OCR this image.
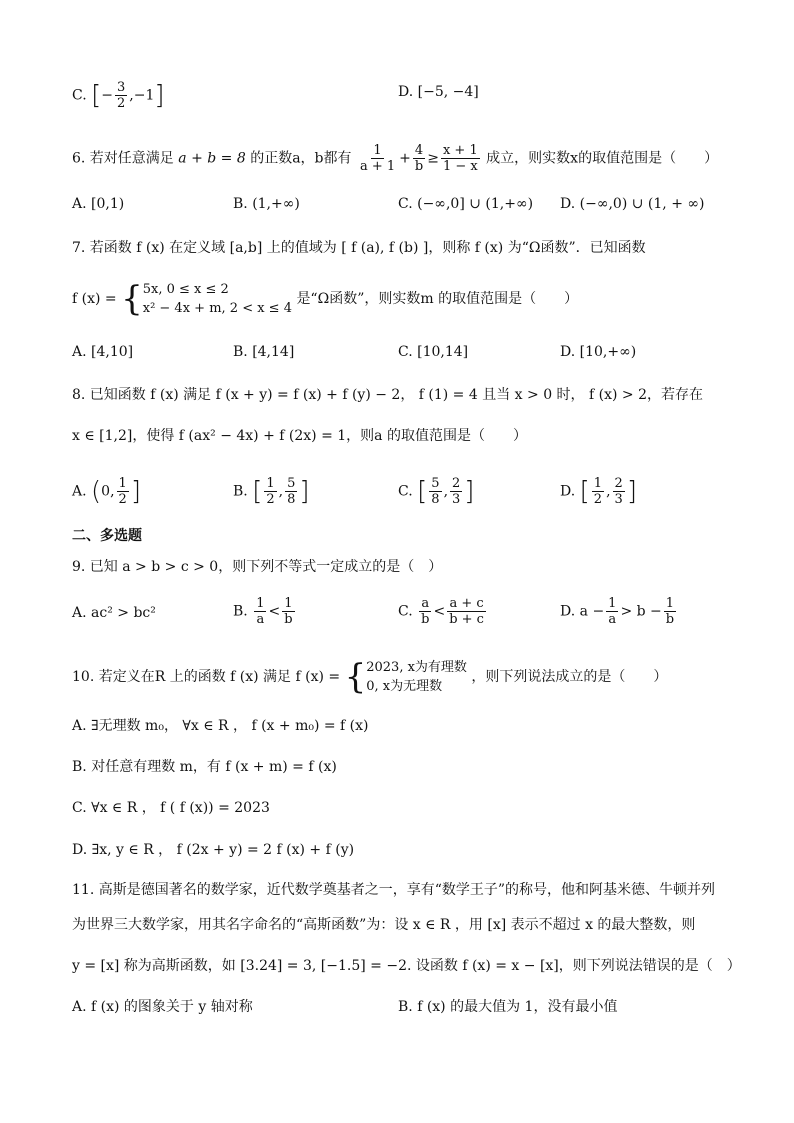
C. [− $\frac{3}{2} ,-1$]	D. [−5, −4]
6. 若对任意满足 a + b = 8 的正数a，b都有 $\frac{1}{a + 1} + \frac{4}{b} \ge \frac{x + 1}{1 - x}$ 成立，则实数x的取值范围是（　　）
A. [0,1)	B. (1,+∞)	C. (−∞,0] ∪ (1,+∞) D. (−∞,0) ∪ (1, + ∞)
7. 若函数 f (x) 在定义域 [a,b] 上的值域为 [ f (a), f (b) ]，则称 f (x) 为“Ω函数”．已知函数
f (x) = { 5x, 0 ≤ x ≤ 2
x² − 4x + m, 2 < x ≤ 4
是“Ω函数”，则实数m 的取值范围是（　　）
A. [4,10]	B. [4,14]	C. [10,14]	D. [10,+∞)
8. 已知函数 f (x) 满足 f (x + y) = f (x) + f (y) − 2， f (1) = 4 且当 x > 0 时， f (x) > 2，若存在
x ∈ [1,2]，使得 f (ax² − 4x) + f (2x) = 1，则a 的取值范围是（　　）
A. (0, $\frac{1}{2}$ ]	B. [ $\frac{1}{2}$ , $\frac{5}{8}$ ]	C. [ $\frac{5}{8}$ , $\frac{2}{3}$ ]	D. [ $\frac{1}{2}$ , $\frac{2}{3}$ ]
二、多选题
9. 已知 a > b > c > 0，则下列不等式一定成立的是（　）
A. ac² > bc²	B. $\frac{1}{a} < \frac{1}{b}$	C. $\frac{a}{b} < \frac{a + c}{b + c}$	D. $a - \frac{1}{a} > b - \frac{1}{b}$
10. 若定义在R 上的函数 f (x) 满足 f (x) = { 2023, x为有理数
0, x为无理数
，则下列说法成立的是（　　）
A. ∃无理数 m₀， ∀x ∈ R ， f (x + m₀) = f (x)
B. 对任意有理数 m，有 f (x + m) = f (x)
C. ∀x ∈ R ， f ( f (x)) = 2023
D. ∃x, y ∈ R ， f (2x + y) = 2 f (x) + f (y)
11. 高斯是德国著名的数学家，近代数学奠基者之一，享有“数学王子”的称号，他和阿基米德、牛顿并列
为世界三大数学家，用其名字命名的“高斯函数”为：设 x ∈ R ，用 [x] 表示不超过 x 的最大整数，则
y = [x] 称为高斯函数，如 [3.24] = 3, [−1.5] = −2. 设函数 f (x) = x − [x]，则下列说法错误的是（　）
A. f (x) 的图象关于 y 轴对称	B. f (x) 的最大值为 1，没有最小值
